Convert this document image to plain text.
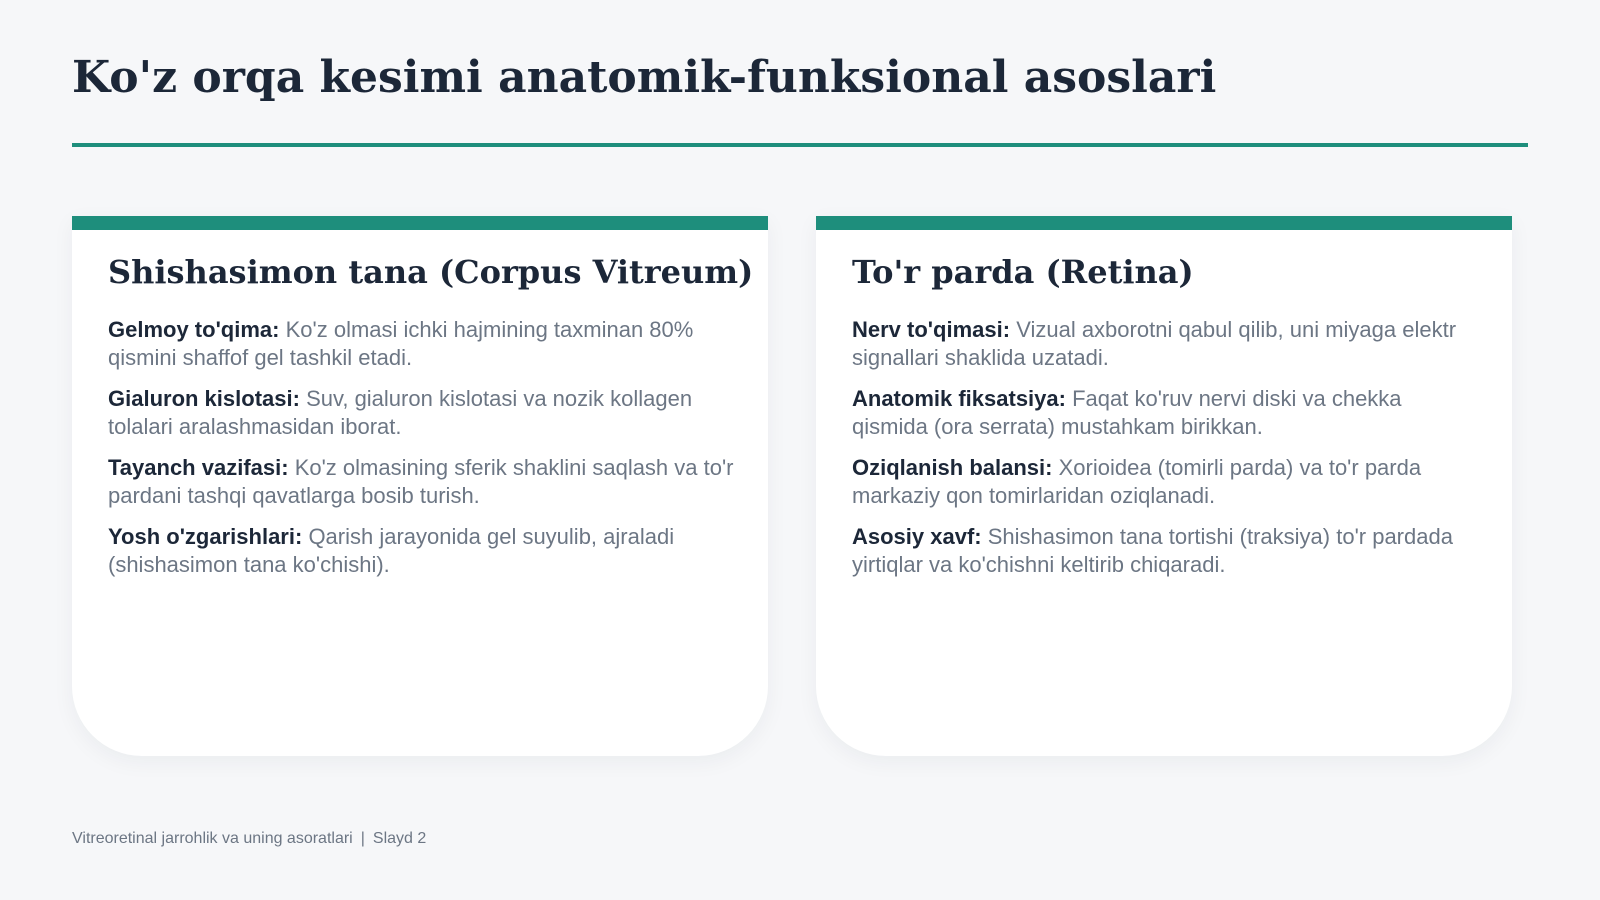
Ko'z orqa kesimi anatomik-funksional asoslari
Shishasimon tana (Corpus Vitreum)
Gelmoy to'qima: Ko'z olmasi ichki hajmining taxminan 80% qismini shaffof gel tashkil etadi.
Gialuron kislotasi: Suv, gialuron kislotasi va nozik kollagen tolalari aralashmasidan iborat.
Tayanch vazifasi: Ko'z olmasining sferik shaklini saqlash va to'r pardani tashqi qavatlarga bosib turish.
Yosh o'zgarishlari: Qarish jarayonida gel suyulib, ajraladi (shishasimon tana ko'chishi).
To'r parda (Retina)
Nerv to'qimasi: Vizual axborotni qabul qilib, uni miyaga elektr signallari shaklida uzatadi.
Anatomik fiksatsiya: Faqat ko'ruv nervi diski va chekka qismida (ora serrata) mustahkam birikkan.
Oziqlanish balansi: Xorioidea (tomirli parda) va to'r parda markaziy qon tomirlaridan oziqlanadi.
Asosiy xavf: Shishasimon tana tortishi (traksiya) to'r pardada yirtiqlar va ko'chishni keltirib chiqaradi.
Vitreoretinal jarrohlik va uning asoratlari | Slayd 2
